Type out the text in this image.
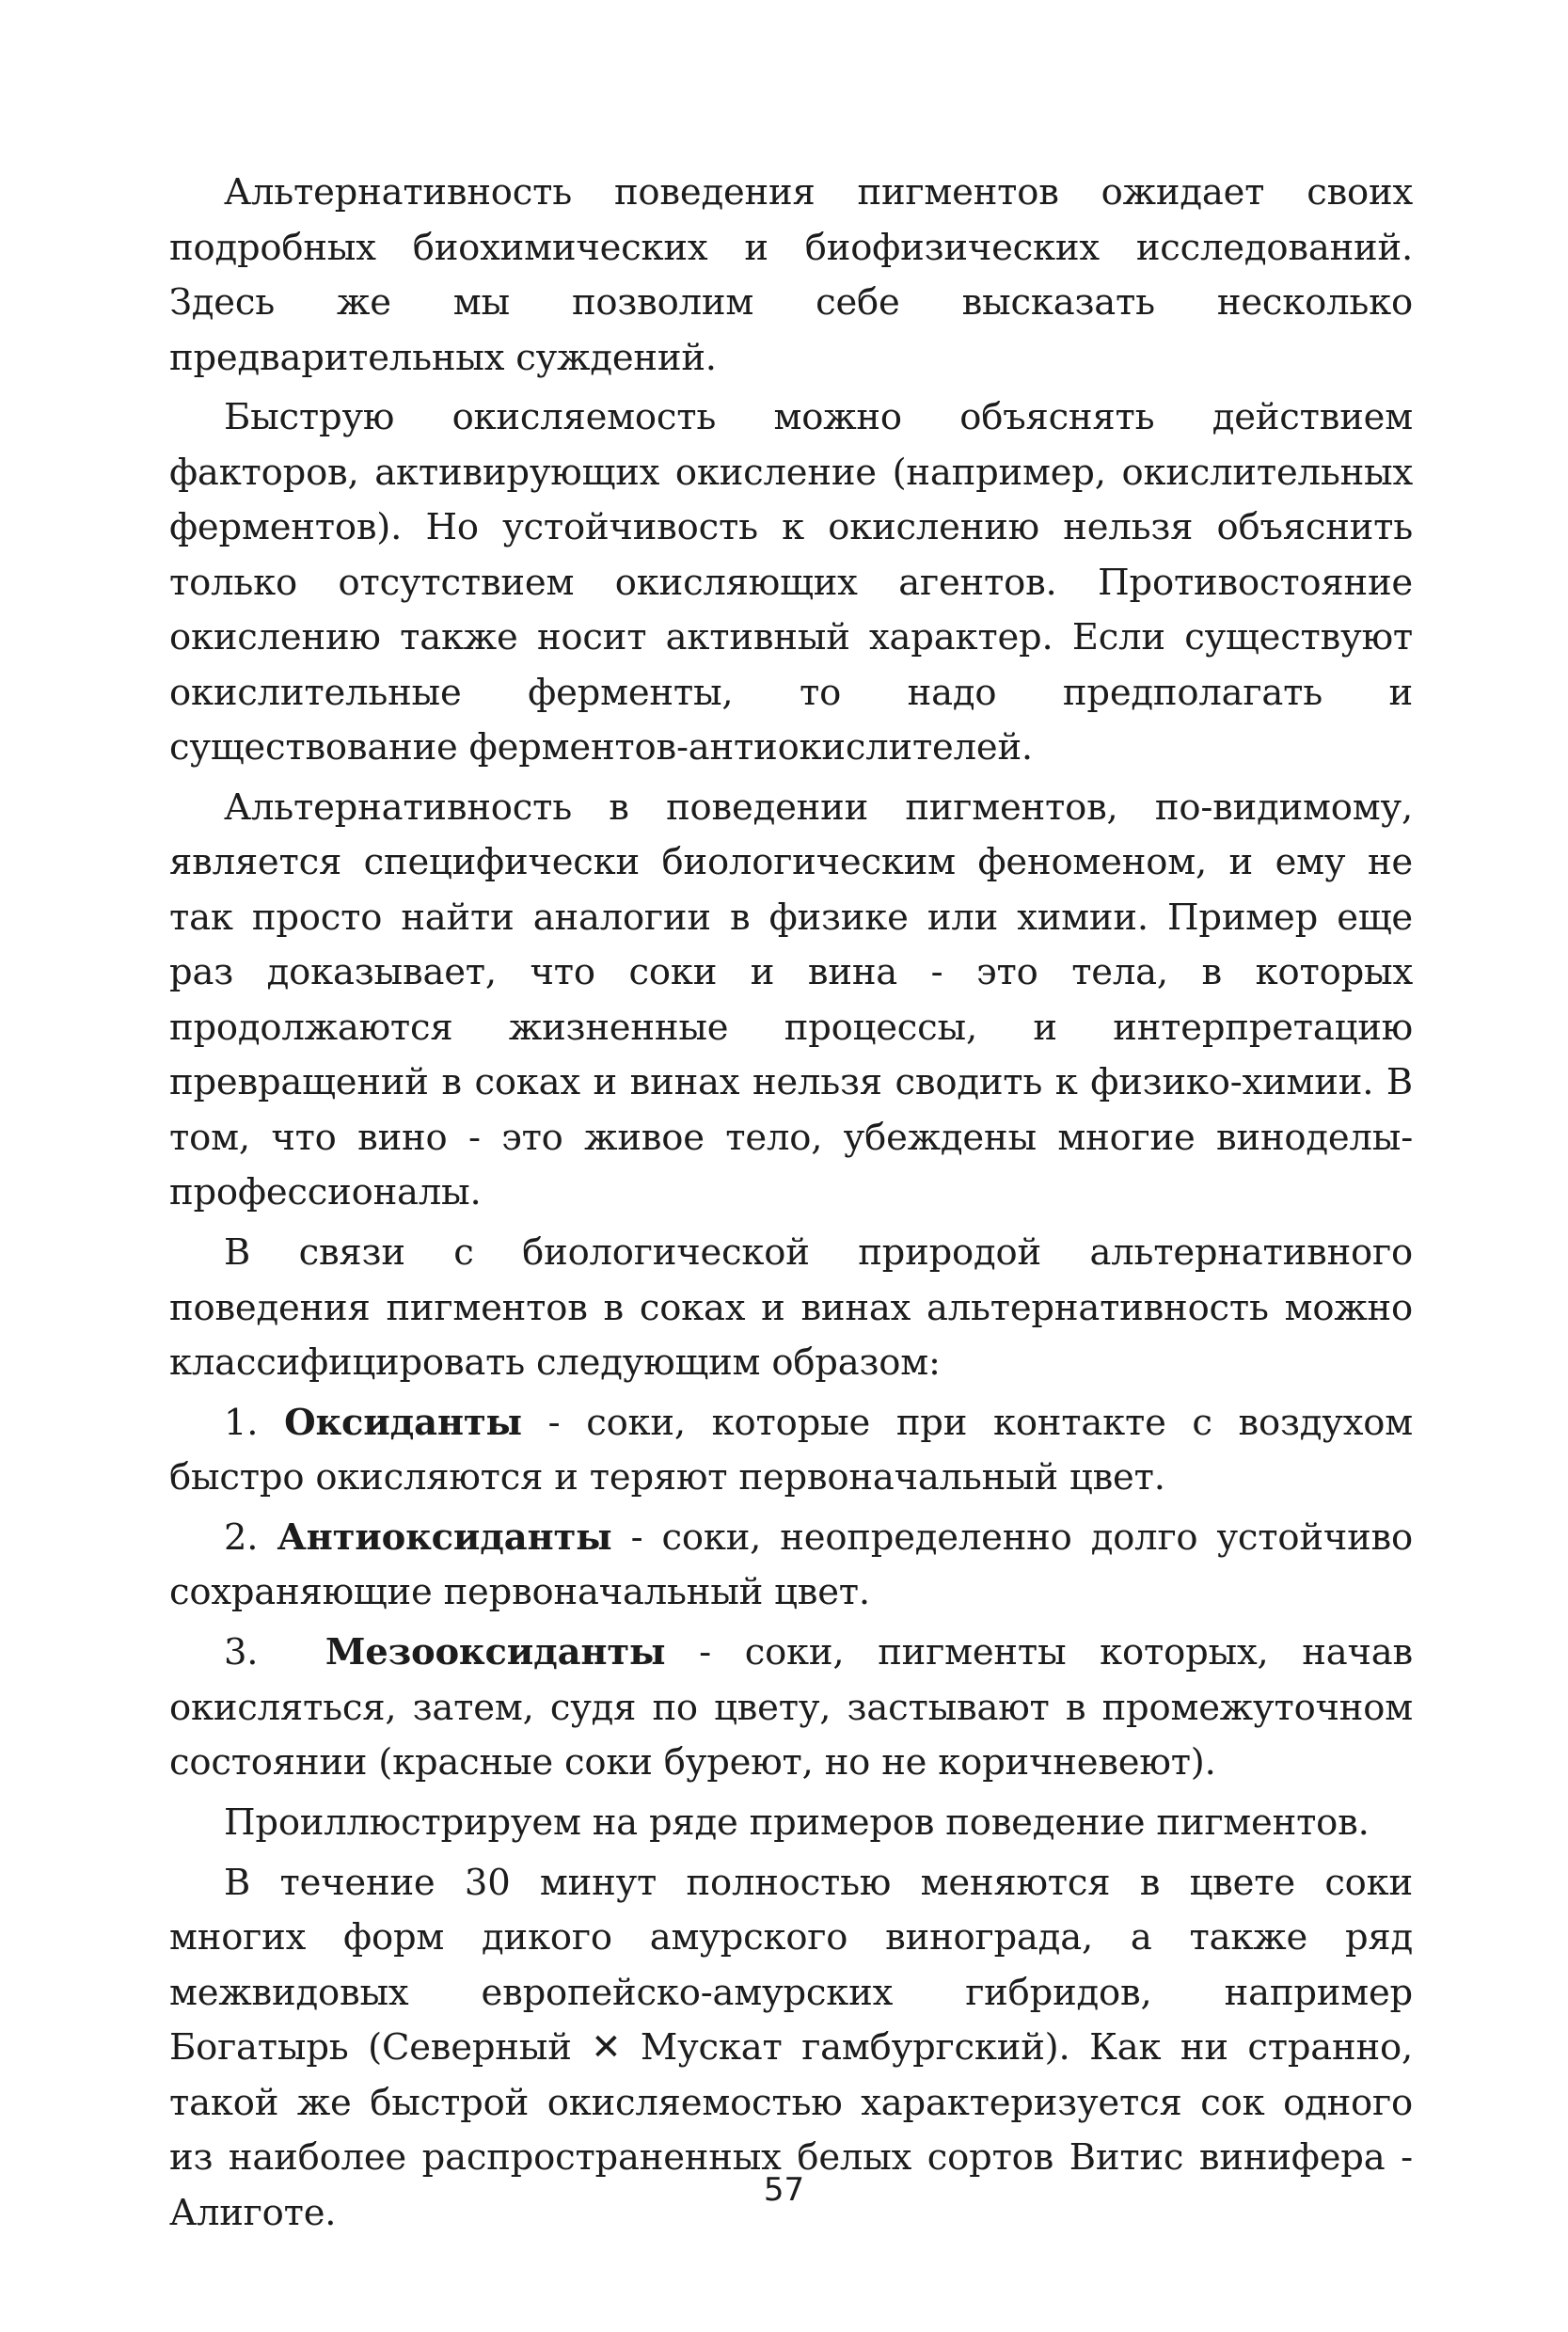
Альтернативность поведения пигментов ожидает своих подробных биохимических и биофизических исследований. Здесь же мы позволим себе высказать несколько предварительных суждений.

Быструю окисляемость можно объяснять действием факторов, активирующих окисление (например, окислительных ферментов). Но устойчивость к окислению нельзя объяснить только отсутствием окисляющих агентов. Противостояние окислению также носит активный характер. Если существуют окислительные ферменты, то надо предполагать и существование ферментов-антиокислителей.

Альтернативность в поведении пигментов, по-видимому, является специфически биологическим феноменом, и ему не так просто найти аналогии в физике или химии. Пример еще раз доказывает, что соки и вина - это тела, в которых продолжаются жизненные процессы, и интерпретацию превращений в соках и винах нельзя сводить к физико-химии. В том, что вино - это живое тело, убеждены многие виноделы-профессионалы.

В связи с биологической природой альтернативного поведения пигментов в соках и винах альтернативность можно классифицировать следующим образом:

1. Оксиданты - соки, которые при контакте с воздухом быстро окисляются и теряют первоначальный цвет.

2. Антиоксиданты - соки, неопределенно долго устойчиво сохраняющие первоначальный цвет.

3. Мезооксиданты - соки, пигменты которых, начав окисляться, затем, судя по цвету, застывают в промежуточном состоянии (красные соки буреют, но не коричневеют).

Проиллюстрируем на ряде примеров поведение пигментов.

В течение 30 минут полностью меняются в цвете соки многих форм дикого амурского винограда, а также ряд межвидовых европейско-амурских гибридов, например Богатырь (Северный ✕ Мускат гамбургский). Как ни странно, такой же быстрой окисляемостью характеризуется сок одного из наиболее распространенных белых сортов Витис винифера - Алиготе.

57
